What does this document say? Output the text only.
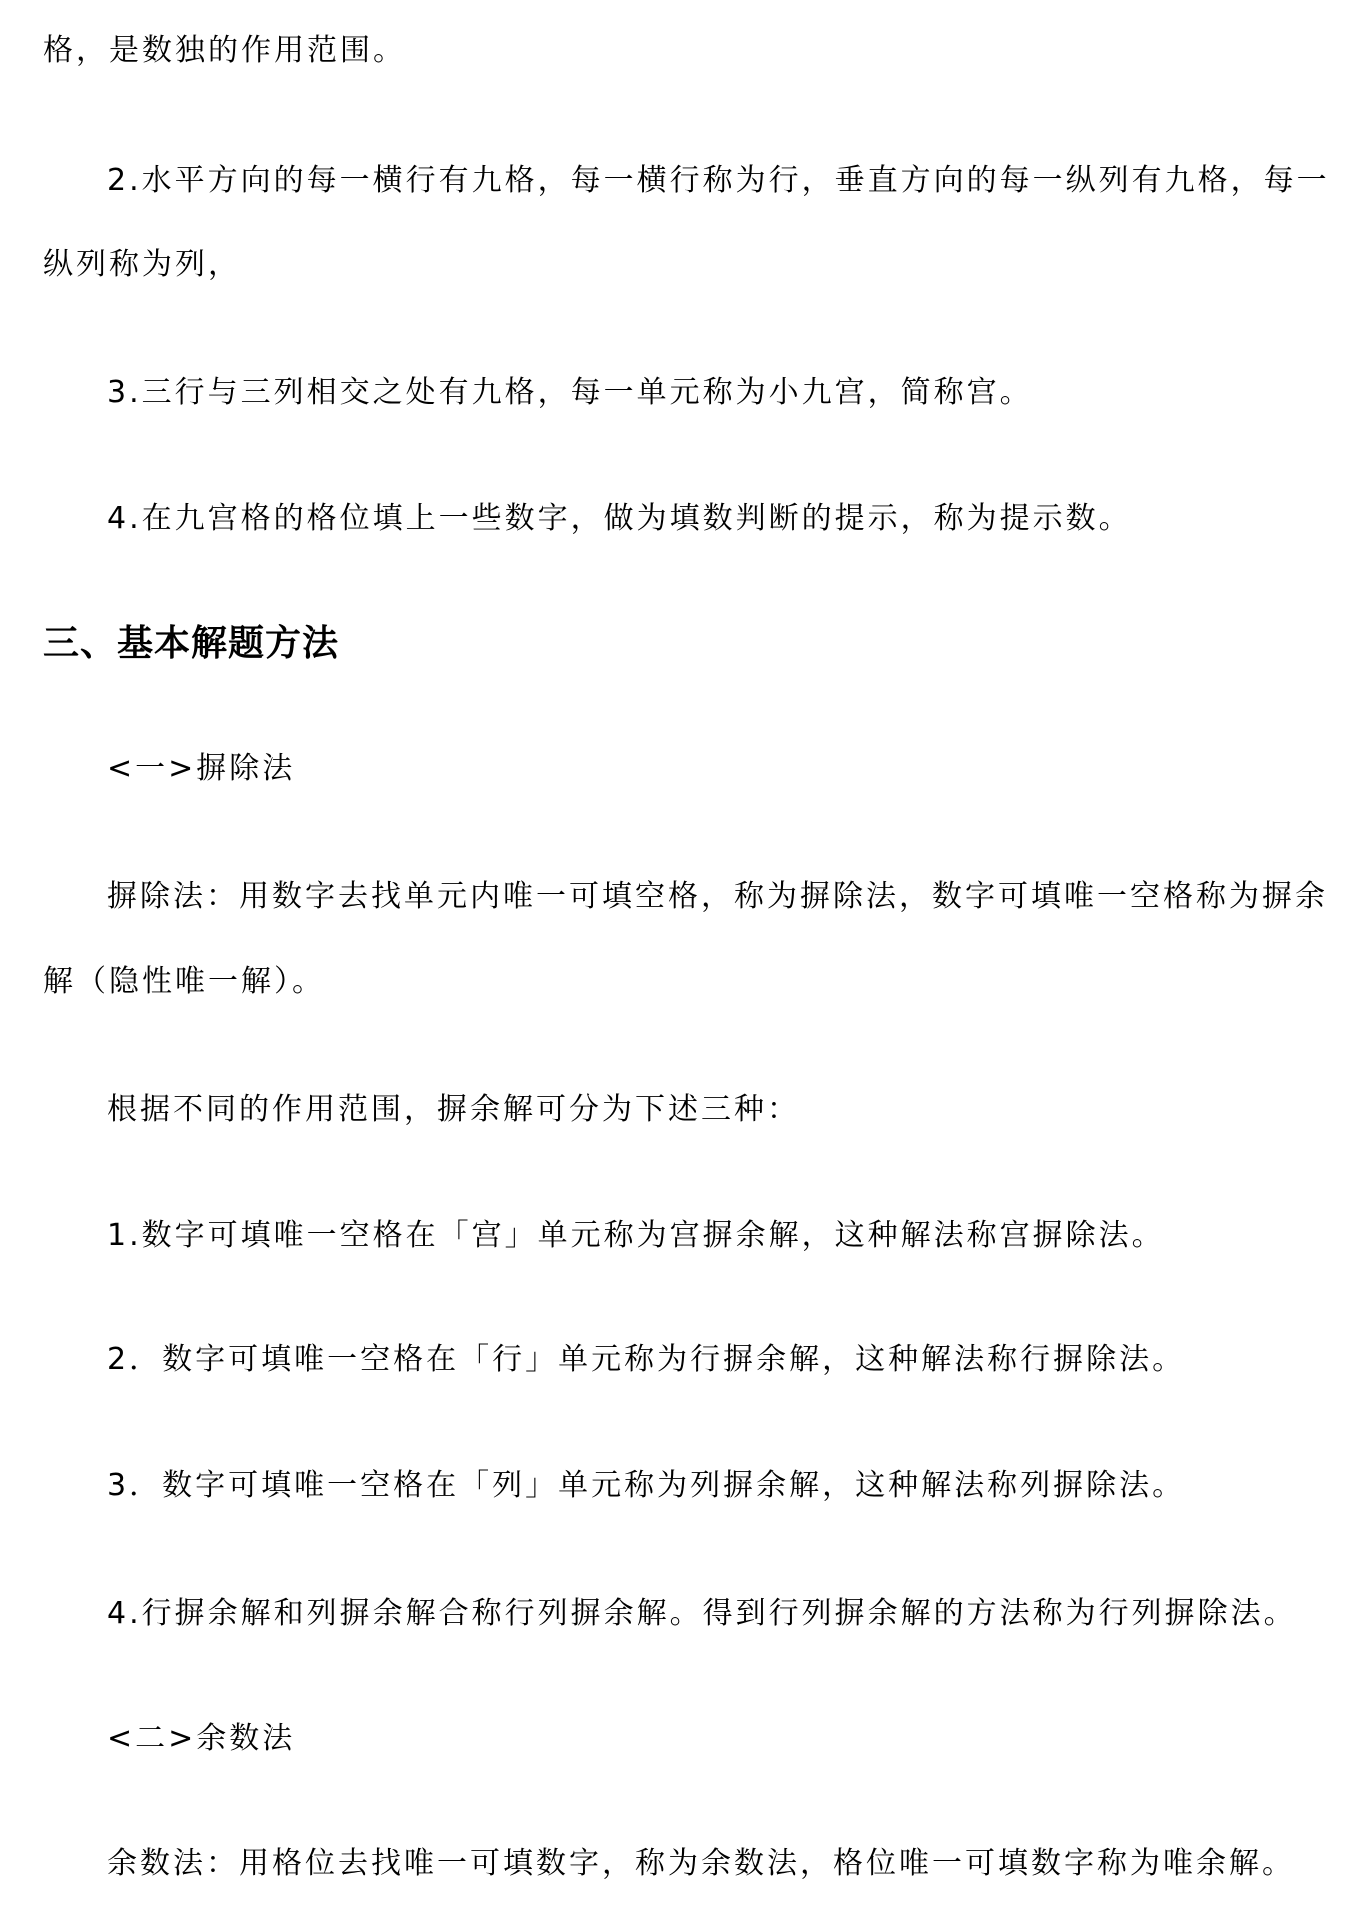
格，是数独的作用范围。
2.水平方向的每一横行有九格，每一横行称为行，垂直方向的每一纵列有九格，每一
纵列称为列，
3.三行与三列相交之处有九格，每一单元称为小九宫，简称宫。
4.在九宫格的格位填上一些数字，做为填数判断的提示，称为提示数。
三、基本解题方法
<一>摒除法
摒除法：用数字去找单元内唯一可填空格，称为摒除法，数字可填唯一空格称为摒余
解（隐性唯一解）。
根据不同的作用范围，摒余解可分为下述三种：
1.数字可填唯一空格在「宫」单元称为宫摒余解，这种解法称宫摒除法。
2．数字可填唯一空格在「行」单元称为行摒余解，这种解法称行摒除法。
3．数字可填唯一空格在「列」单元称为列摒余解，这种解法称列摒除法。
4.行摒余解和列摒余解合称行列摒余解。得到行列摒余解的方法称为行列摒除法。
<二>余数法
余数法：用格位去找唯一可填数字，称为余数法，格位唯一可填数字称为唯余解。
